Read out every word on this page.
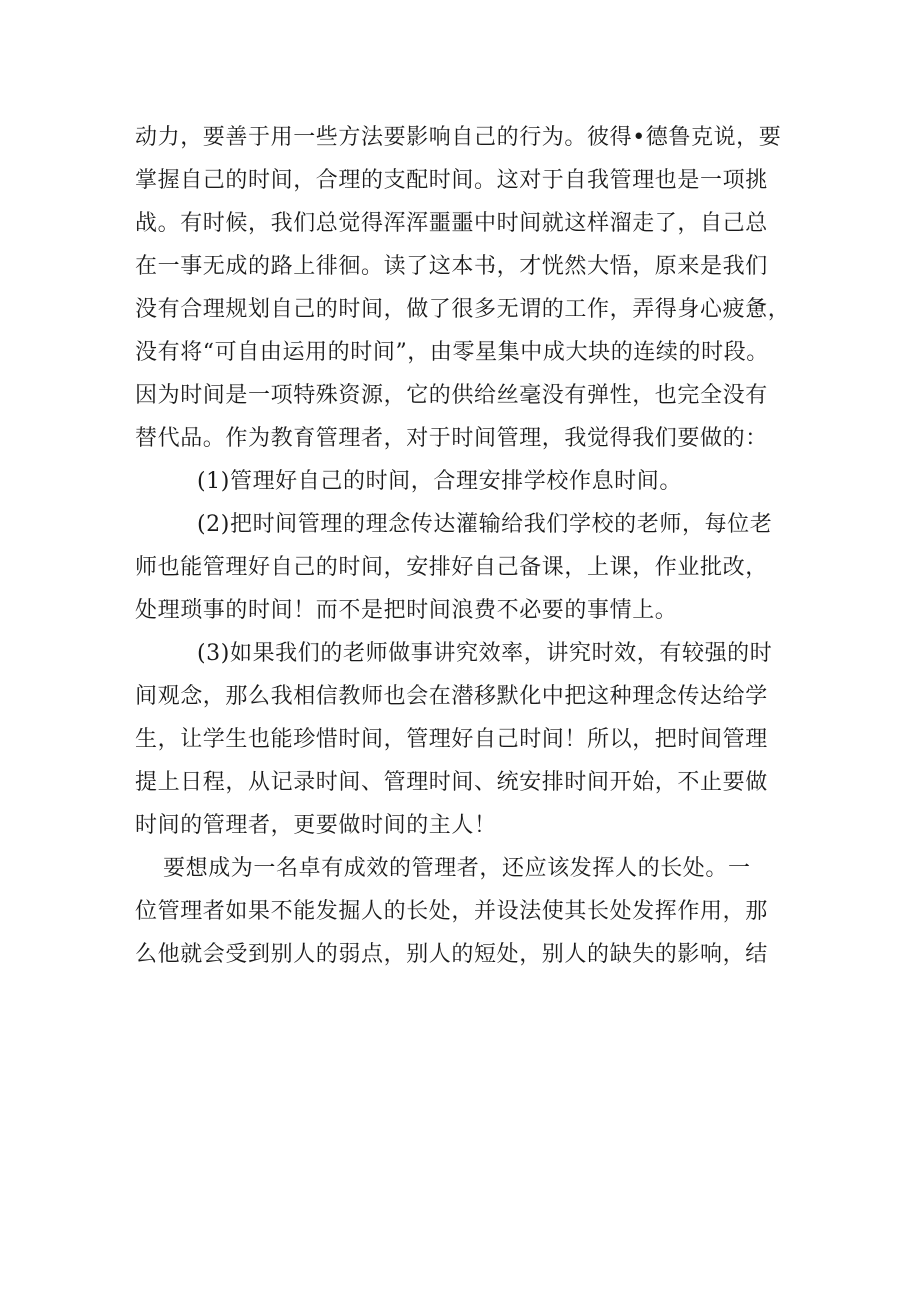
动力，要善于用一些方法要影响自己的行为。彼得•德鲁克说，要
掌握自己的时间，合理的支配时间。这对于自我管理也是一项挑
战。有时候，我们总觉得浑浑噩噩中时间就这样溜走了，自己总
在一事无成的路上徘徊。读了这本书，才恍然大悟，原来是我们
没有合理规划自己的时间，做了很多无谓的工作，弄得身心疲惫，
没有将“可自由运用的时间”，由零星集中成大块的连续的时段。
因为时间是一项特殊资源，它的供给丝毫没有弹性，也完全没有
替代品。作为教育管理者，对于时间管理，我觉得我们要做的：
(1)管理好自己的时间，合理安排学校作息时间。
(2)把时间管理的理念传达灌输给我们学校的老师，每位老
师也能管理好自己的时间，安排好自己备课，上课，作业批改，
处理琐事的时间！而不是把时间浪费不必要的事情上。
(3)如果我们的老师做事讲究效率，讲究时效，有较强的时
间观念，那么我相信教师也会在潜移默化中把这种理念传达给学
生，让学生也能珍惜时间，管理好自己时间！所以，把时间管理
提上日程，从记录时间、管理时间、统安排时间开始，不止要做
时间的管理者，更要做时间的主人！
要想成为一名卓有成效的管理者，还应该发挥人的长处。一
位管理者如果不能发掘人的长处，并设法使其长处发挥作用，那
么他就会受到别人的弱点，别人的短处，别人的缺失的影响，结
